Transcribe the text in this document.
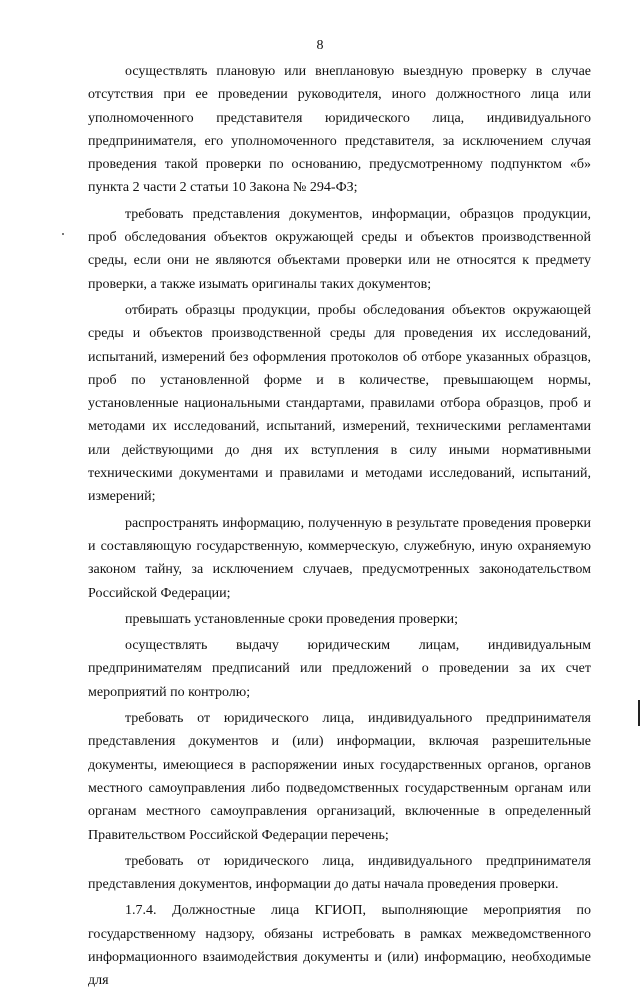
8

осуществлять плановую или внеплановую выездную проверку в случае отсутствия при ее проведении руководителя, иного должностного лица или уполномоченного представителя юридического лица, индивидуального предпринимателя, его уполномоченного представителя, за исключением случая проведения такой проверки по основанию, предусмотренному подпунктом «б» пункта 2 части 2 статьи 10 Закона № 294-ФЗ;

требовать представления документов, информации, образцов продукции, проб обследования объектов окружающей среды и объектов производственной среды, если они не являются объектами проверки или не относятся к предмету проверки, а также изымать оригиналы таких документов;

отбирать образцы продукции, пробы обследования объектов окружающей среды и объектов производственной среды для проведения их исследований, испытаний, измерений без оформления протоколов об отборе указанных образцов, проб по установленной форме и в количестве, превышающем нормы, установленные национальными стандартами, правилами отбора образцов, проб и методами их исследований, испытаний, измерений, техническими регламентами или действующими до дня их вступления в силу иными нормативными техническими документами и правилами и методами исследований, испытаний, измерений;

распространять информацию, полученную в результате проведения проверки и составляющую государственную, коммерческую, служебную, иную охраняемую законом тайну, за исключением случаев, предусмотренных законодательством Российской Федерации;

превышать установленные сроки проведения проверки;

осуществлять выдачу юридическим лицам, индивидуальным предпринимателям предписаний или предложений о проведении за их счет мероприятий по контролю;

требовать от юридического лица, индивидуального предпринимателя представления документов и (или) информации, включая разрешительные документы, имеющиеся в распоряжении иных государственных органов, органов местного самоуправления либо подведомственных государственным органам или органам местного самоуправления организаций, включенные в определенный Правительством Российской Федерации перечень;

требовать от юридического лица, индивидуального предпринимателя представления документов, информации до даты начала проведения проверки.

1.7.4. Должностные лица КГИОП, выполняющие мероприятия по государственному надзору, обязаны истребовать в рамках межведомственного информационного взаимодействия документы и (или) информацию, необходимые для
